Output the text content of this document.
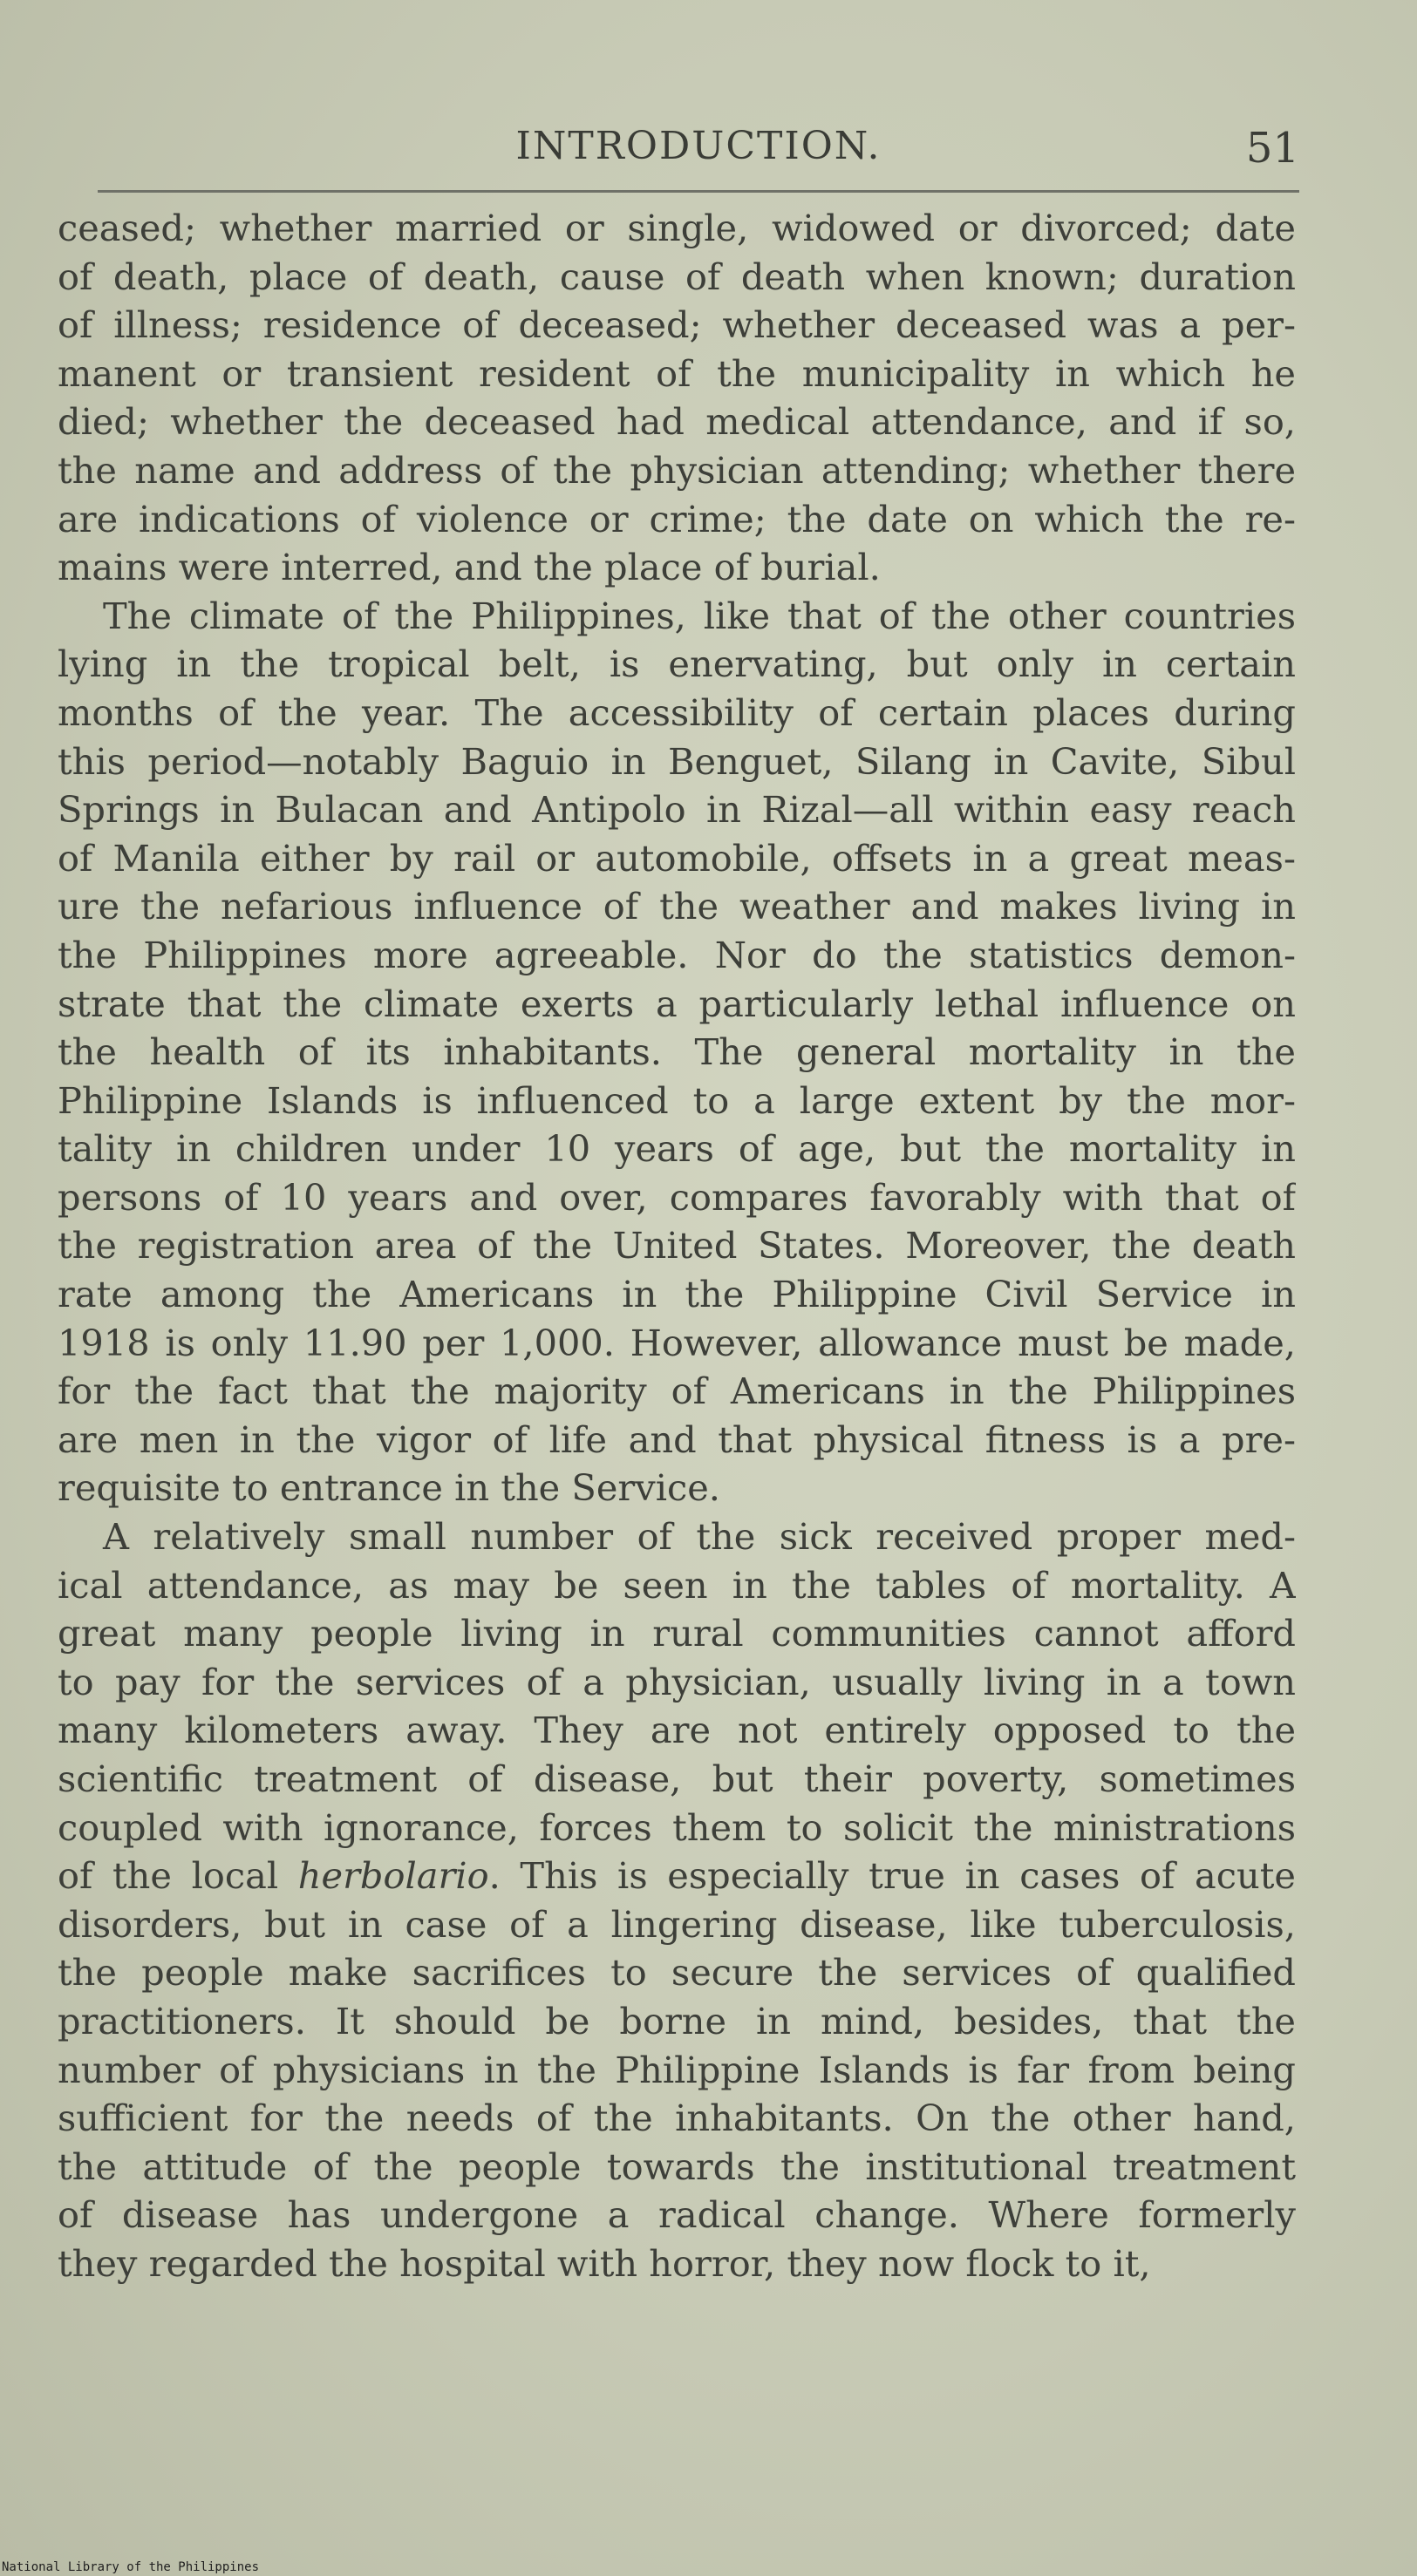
INTRODUCTION.	51
ceased; whether married or single, widowed or divorced; date
of death, place of death, cause of death when known; duration
of illness; residence of deceased; whether deceased was a per-
manent or transient resident of the municipality in which he
died; whether the deceased had medical attendance, and if so,
the name and address of the physician attending; whether there
are indications of violence or crime; the date on which the re-
mains were interred, and the place of burial.
The climate of the Philippines, like that of the other countries
lying in the tropical belt, is enervating, but only in certain
months of the year. The accessibility of certain places during
this period—notably Baguio in Benguet, Silang in Cavite, Sibul
Springs in Bulacan and Antipolo in Rizal—all within easy reach
of Manila either by rail or automobile, offsets in a great meas-
ure the nefarious influence of the weather and makes living in
the Philippines more agreeable. Nor do the statistics demon-
strate that the climate exerts a particularly lethal influence on
the health of its inhabitants. The general mortality in the
Philippine Islands is influenced to a large extent by the mor-
tality in children under 10 years of age, but the mortality in
persons of 10 years and over, compares favorably with that of
the registration area of the United States. Moreover, the death
rate among the Americans in the Philippine Civil Service in
1918 is only 11.90 per 1,000. However, allowance must be made,
for the fact that the majority of Americans in the Philippines
are men in the vigor of life and that physical fitness is a pre-
requisite to entrance in the Service.
A relatively small number of the sick received proper med-
ical attendance, as may be seen in the tables of mortality. A
great many people living in rural communities cannot afford
to pay for the services of a physician, usually living in a town
many kilometers away. They are not entirely opposed to the
scientific treatment of disease, but their poverty, sometimes
coupled with ignorance, forces them to solicit the ministrations
of the local herbolario. This is especially true in cases of acute
disorders, but in case of a lingering disease, like tuberculosis,
the people make sacrifices to secure the services of qualified
practitioners. It should be borne in mind, besides, that the
number of physicians in the Philippine Islands is far from being
sufficient for the needs of the inhabitants. On the other hand,
the attitude of the people towards the institutional treatment
of disease has undergone a radical change. Where formerly
they regarded the hospital with horror, they now flock to it,
National Library of the Philippines
